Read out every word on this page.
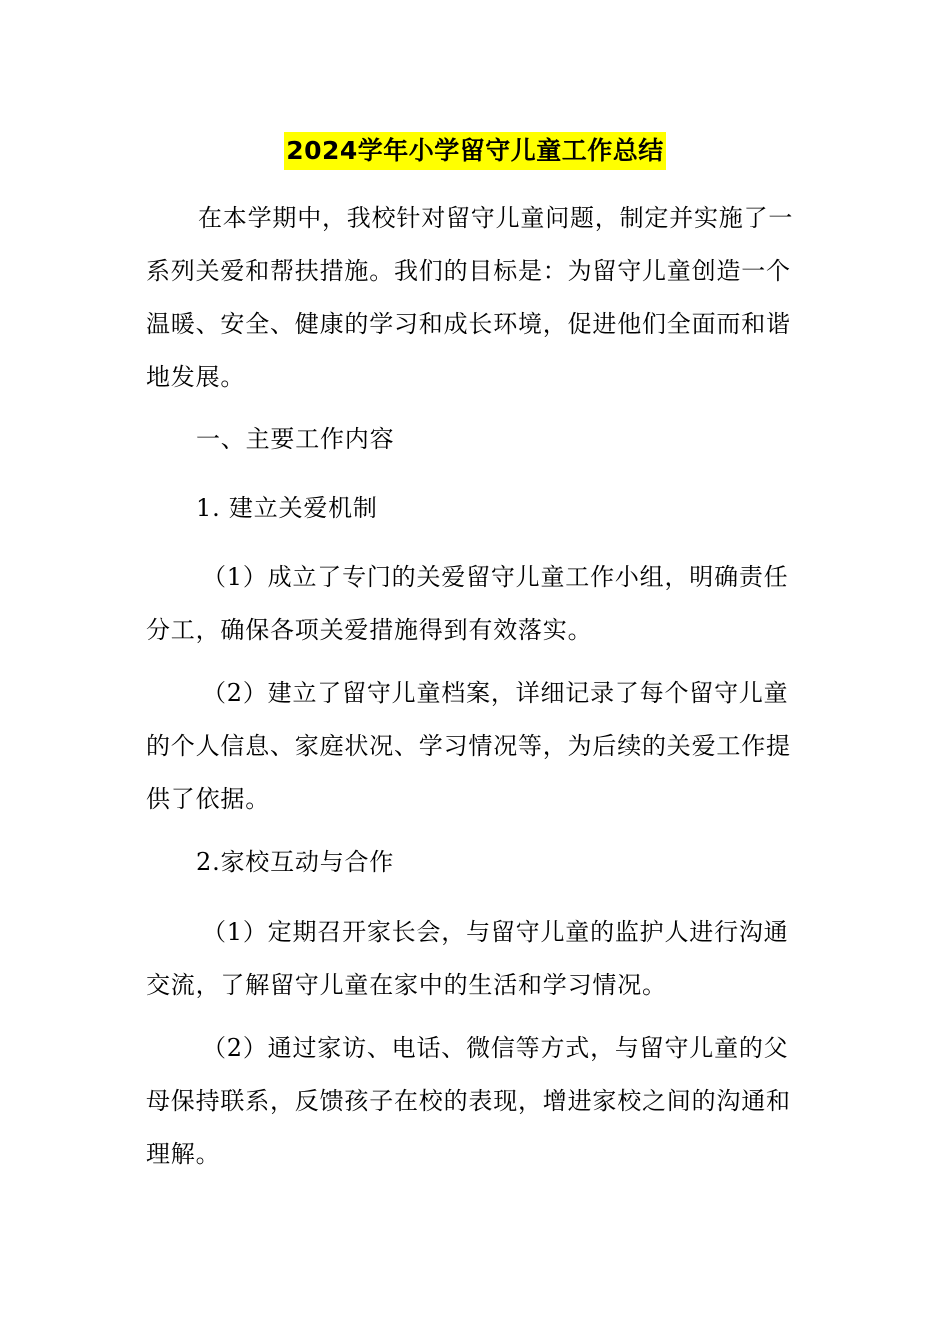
2024学年小学留守儿童工作总结

在本学期中，我校针对留守儿童问题，制定并实施了一系列关爱和帮扶措施。我们的目标是：为留守儿童创造一个温暖、安全、健康的学习和成长环境，促进他们全面而和谐地发展。

一、主要工作内容

1. 建立关爱机制

（1）成立了专门的关爱留守儿童工作小组，明确责任分工，确保各项关爱措施得到有效落实。

（2）建立了留守儿童档案，详细记录了每个留守儿童的个人信息、家庭状况、学习情况等，为后续的关爱工作提供了依据。

2.家校互动与合作

（1）定期召开家长会，与留守儿童的监护人进行沟通交流，了解留守儿童在家中的生活和学习情况。

（2）通过家访、电话、微信等方式，与留守儿童的父母保持联系，反馈孩子在校的表现，增进家校之间的沟通和理解。
